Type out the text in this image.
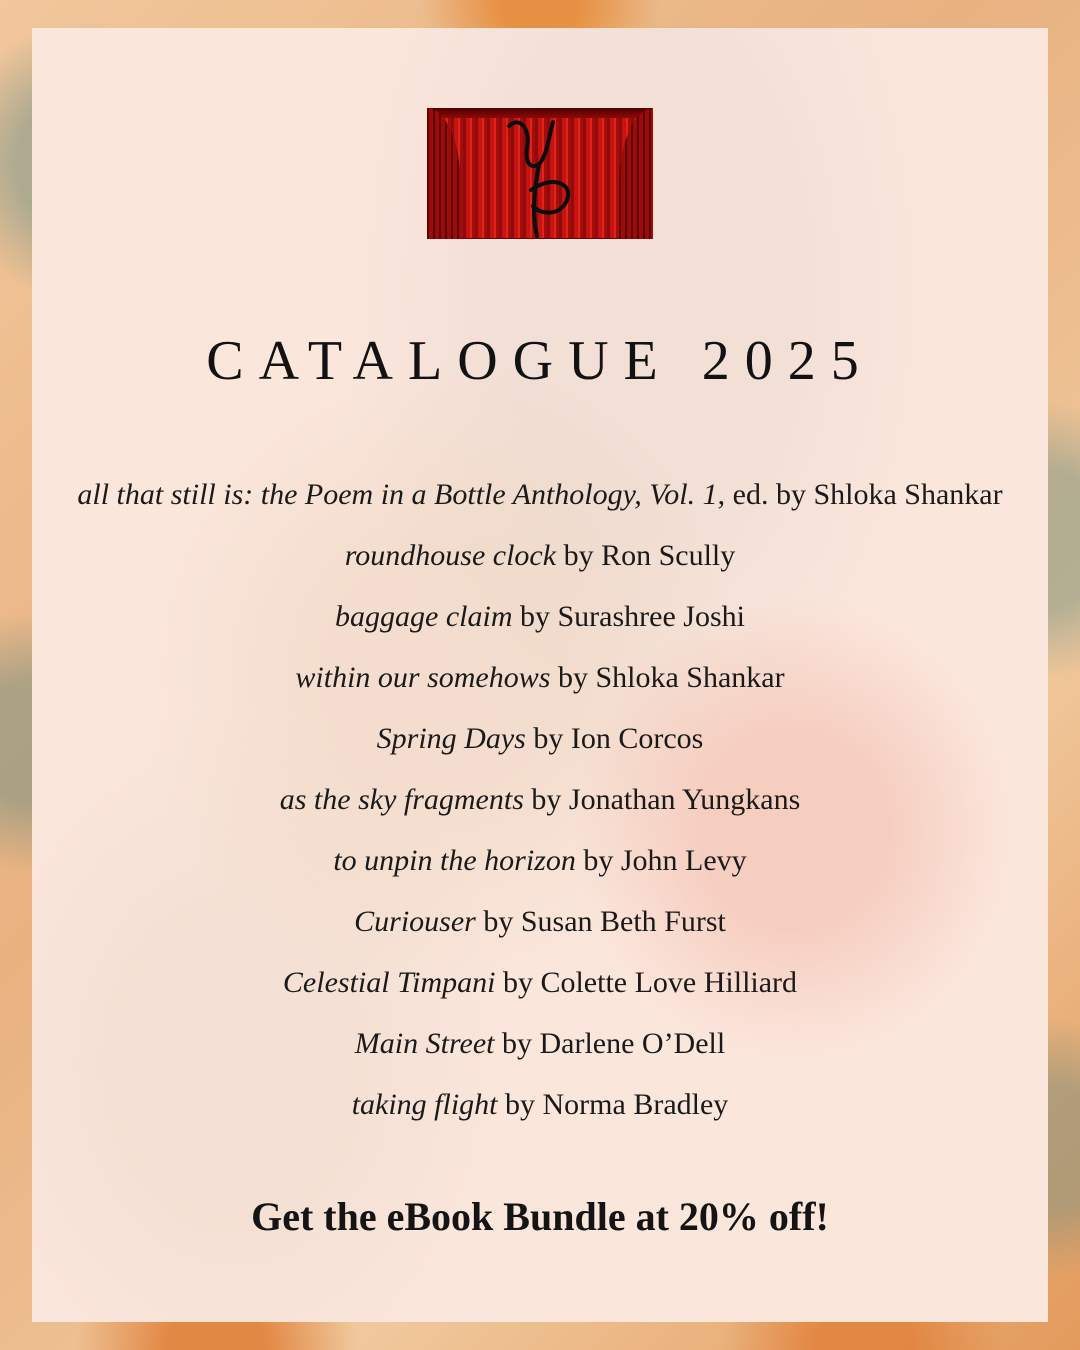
CATALOGUE 2025
all that still is: the Poem in a Bottle Anthology, Vol. 1, ed. by Shloka Shankar
roundhouse clock by Ron Scully
baggage claim by Surashree Joshi
within our somehows by Shloka Shankar
Spring Days by Ion Corcos
as the sky fragments by Jonathan Yungkans
to unpin the horizon by John Levy
Curiouser by Susan Beth Furst
Celestial Timpani by Colette Love Hilliard
Main Street by Darlene O’Dell
taking flight by Norma Bradley
Get the eBook Bundle at 20% off!
